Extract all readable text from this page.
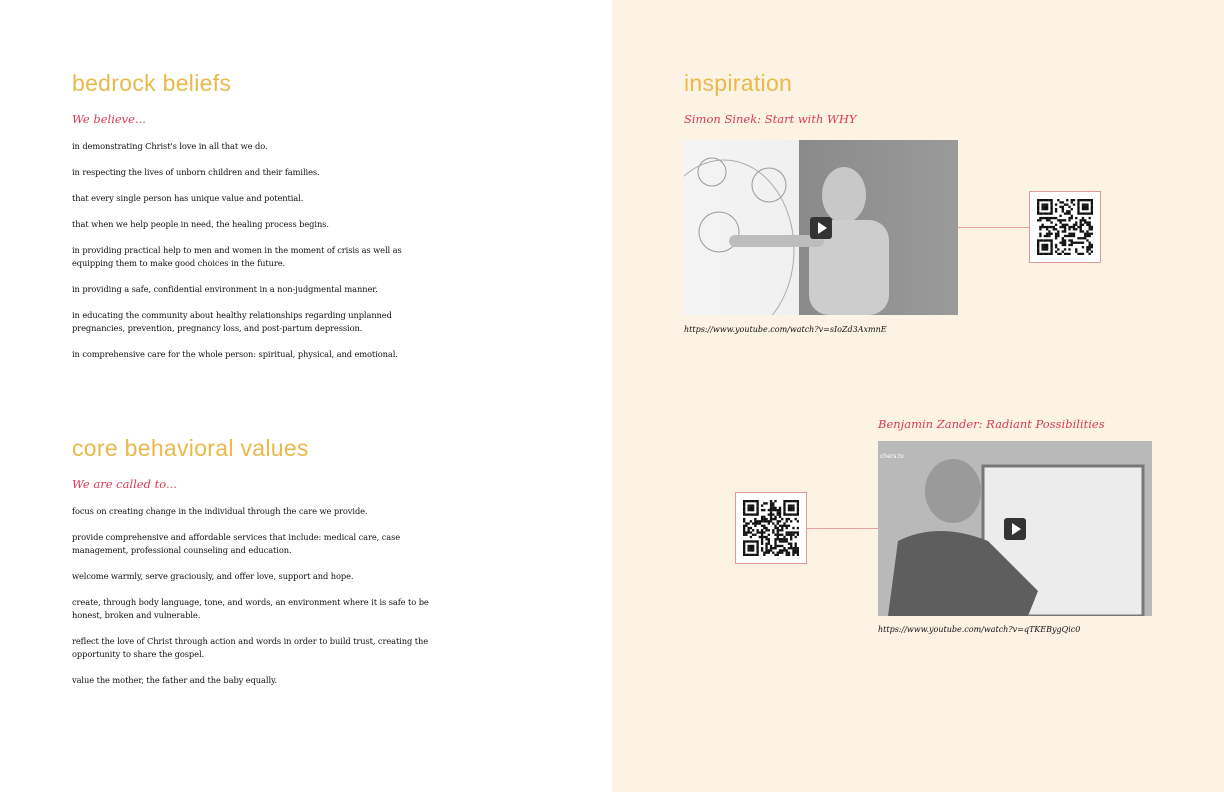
bedrock beliefs
We believe...
in demonstrating Christ's love in all that we do.
in respecting the lives of unborn children and their families.
that every single person has unique value and potential.
that when we help people in need, the healing process begins.
in providing practical help to men and women in the moment of crisis as well as equipping them to make good choices in the future.
in providing a safe, confidential environment in a non-judgmental manner.
in educating the community about healthy relationships regarding unplanned pregnancies, prevention, pregnancy loss, and post-partum depression.
in comprehensive care for the whole person: spiritual, physical, and emotional.
core behavioral values
We are called to...
focus on creating change in the individual through the care we provide.
provide comprehensive and affordable services that include: medical care, case management, professional counseling and education.
welcome warmly, serve graciously, and offer love, support and hope.
create, through body language, tone, and words, an environment where it is safe to be honest, broken and vulnerable.
reflect the love of Christ through action and words in order to build trust, creating the opportunity to share the gospel.
value the mother, the father and the baby equally.
inspiration
Simon Sinek: Start with WHY
https://www.youtube.com/watch?v=sIoZd3AxmnE
Benjamin Zander: Radiant Possibilities
chers.tv
https://www.youtube.com/watch?v=qTKEBygQic0
